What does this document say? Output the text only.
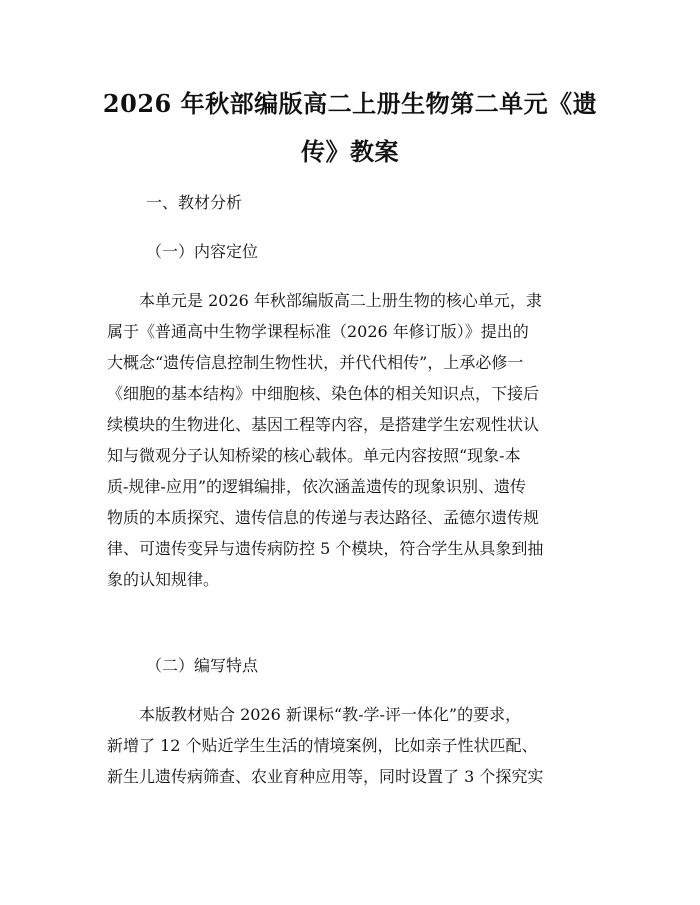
2026 年秋部编版高二上册生物第二单元《遗
传》教案
一、教材分析
（一）内容定位
　　本单元是 2026 年秋部编版高二上册生物的核心单元，隶
属于《普通高中生物学课程标准（2026 年修订版）》提出的
大概念“遗传信息控制生物性状，并代代相传”，上承必修一
《细胞的基本结构》中细胞核、染色体的相关知识点，下接后
续模块的生物进化、基因工程等内容，是搭建学生宏观性状认
知与微观分子认知桥梁的核心载体。单元内容按照“现象-本
质-规律-应用”的逻辑编排，依次涵盖遗传的现象识别、遗传
物质的本质探究、遗传信息的传递与表达路径、孟德尔遗传规
律、可遗传变异与遗传病防控 5 个模块，符合学生从具象到抽
象的认知规律。
（二）编写特点
　　本版教材贴合 2026 新课标“教-学-评一体化”的要求，
新增了 12 个贴近学生生活的情境案例，比如亲子性状匹配、
新生儿遗传病筛查、农业育种应用等，同时设置了 3 个探究实
